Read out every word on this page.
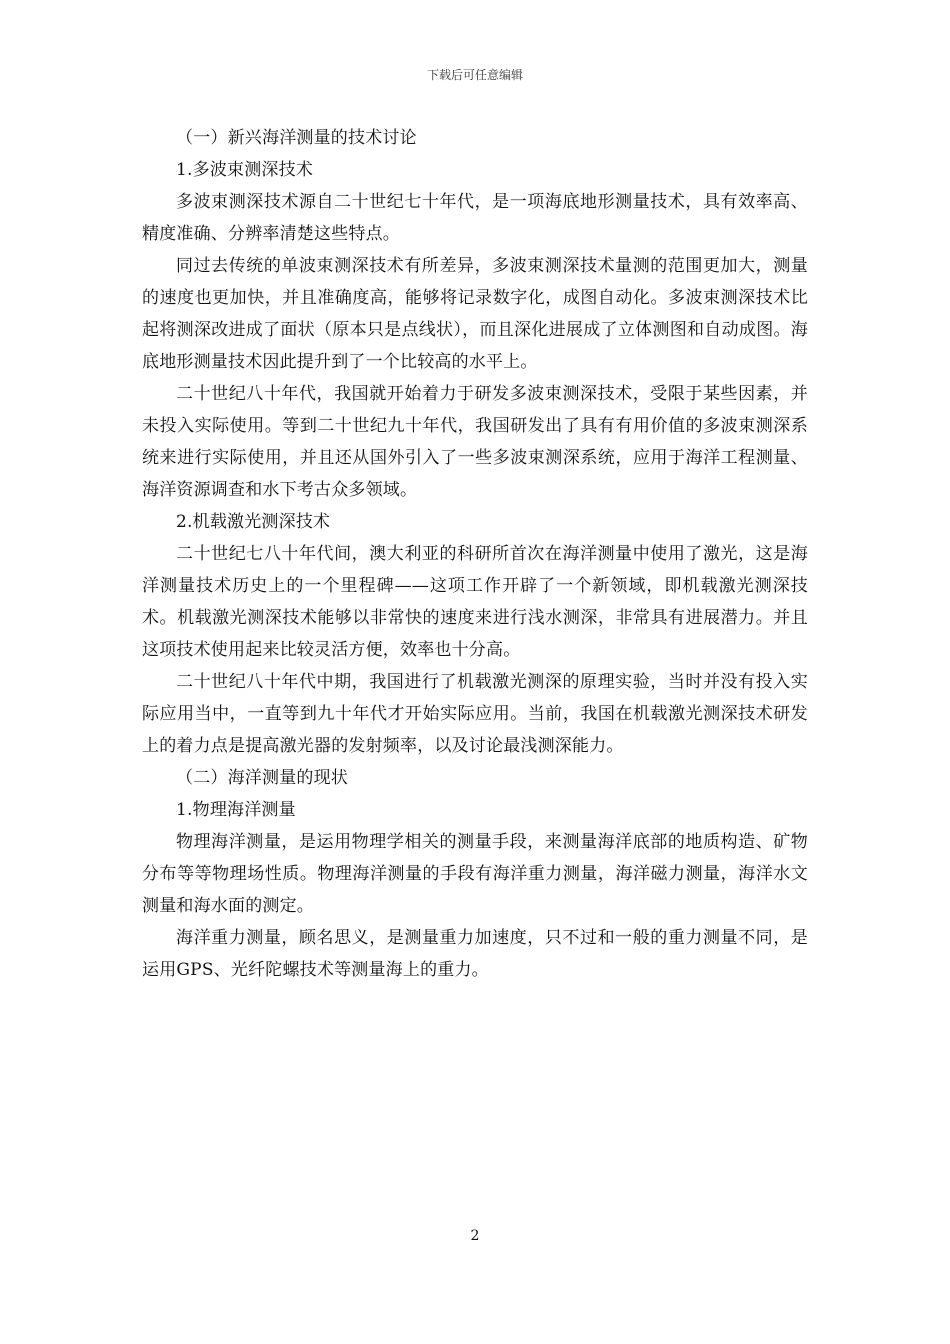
下载后可任意编辑

（一）新兴海洋测量的技术讨论

1.多波束测深技术

多波束测深技术源自二十世纪七十年代，是一项海底地形测量技术，具有效率高、精度准确、分辨率清楚这些特点。

同过去传统的单波束测深技术有所差异，多波束测深技术量测的范围更加大，测量的速度也更加快，并且准确度高，能够将记录数字化，成图自动化。多波束测深技术比起将测深改进成了面状（原本只是点线状），而且深化进展成了立体测图和自动成图。海底地形测量技术因此提升到了一个比较高的水平上。

二十世纪八十年代，我国就开始着力于研发多波束测深技术，受限于某些因素，并未投入实际使用。等到二十世纪九十年代，我国研发出了具有有用价值的多波束测深系统来进行实际使用，并且还从国外引入了一些多波束测深系统，应用于海洋工程测量、海洋资源调查和水下考古众多领域。

2.机载激光测深技术

二十世纪七八十年代间，澳大利亚的科研所首次在海洋测量中使用了激光，这是海洋测量技术历史上的一个里程碑——这项工作开辟了一个新领域，即机载激光测深技术。机载激光测深技术能够以非常快的速度来进行浅水测深，非常具有进展潜力。并且这项技术使用起来比较灵活方便，效率也十分高。

二十世纪八十年代中期，我国进行了机载激光测深的原理实验，当时并没有投入实际应用当中，一直等到九十年代才开始实际应用。当前，我国在机载激光测深技术研发上的着力点是提高激光器的发射频率，以及讨论最浅测深能力。

（二）海洋测量的现状

1.物理海洋测量

物理海洋测量，是运用物理学相关的测量手段，来测量海洋底部的地质构造、矿物分布等等物理场性质。物理海洋测量的手段有海洋重力测量，海洋磁力测量，海洋水文测量和海水面的测定。

海洋重力测量，顾名思义，是测量重力加速度，只不过和一般的重力测量不同，是运用GPS、光纤陀螺技术等测量海上的重力。

2
